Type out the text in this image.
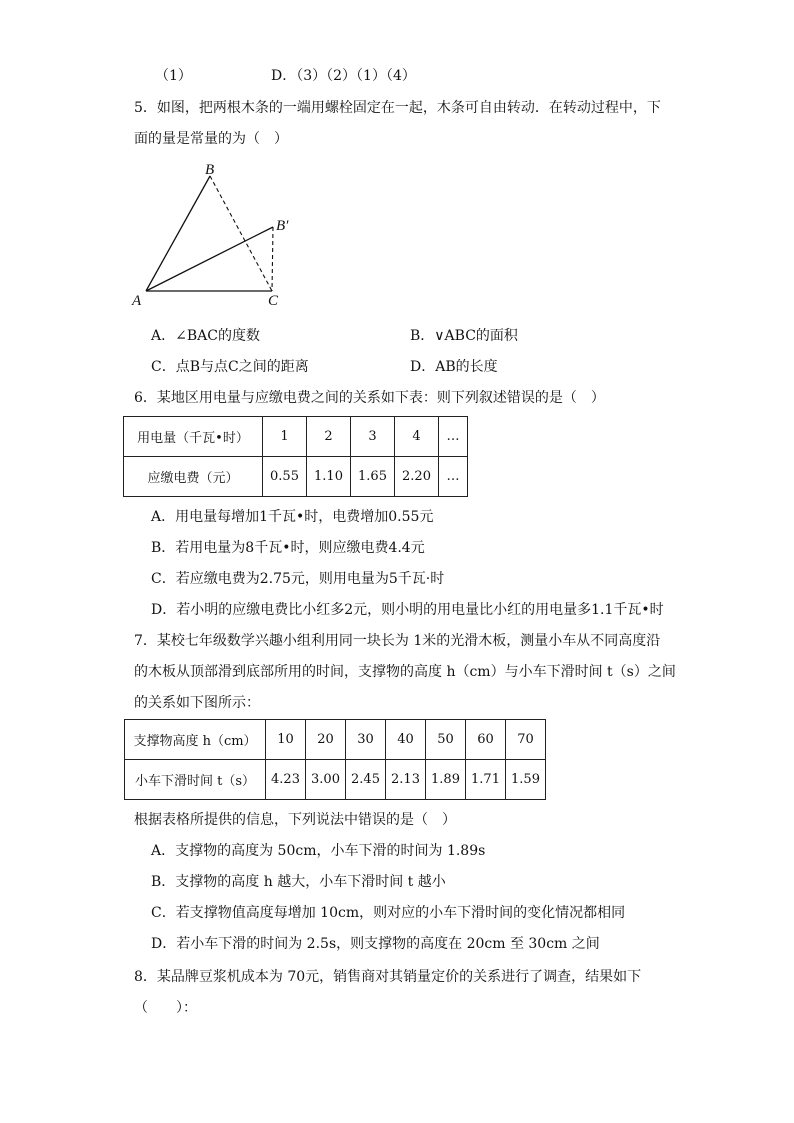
（1）	D．（3）（2）（1）（4）
5．如图，把两根木条的一端用螺栓固定在一起，木条可自由转动．在转动过程中，下
面的量是常量的为（　）
B
B′
A	C
A．∠BAC的度数	B．∨ABC的面积
C．点B与点C之间的距离	D．AB的长度
6．某地区用电量与应缴电费之间的关系如下表：则下列叙述错误的是（　）
用电量（千瓦•时）	1	2	3	4	…
应缴电费（元）	0.55	1.10	1.65	2.20	…
A．用电量每增加1千瓦•时，电费增加0.55元
B．若用电量为8千瓦•时，则应缴电费4.4元
C．若应缴电费为2.75元，则用电量为5千瓦·时
D．若小明的应缴电费比小红多2元，则小明的用电量比小红的用电量多1.1千瓦•时
7．某校七年级数学兴趣小组利用同一块长为 1米的光滑木板，测量小车从不同高度沿
的木板从顶部滑到底部所用的时间，支撑物的高度 h（cm）与小车下滑时间 t（s）之间
的关系如下图所示：
支撑物高度 h（cm）	10	20	30	40	50	60	70
小车下滑时间 t（s）	4.23	3.00	2.45	2.13	1.89	1.71	1.59
根据表格所提供的信息，下列说法中错误的是（　）
A．支撑物的高度为 50cm，小车下滑的时间为 1.89s
B．支撑物的高度 h 越大，小车下滑时间 t 越小
C．若支撑物值高度每增加 10cm，则对应的小车下滑时间的变化情况都相同
D．若小车下滑的时间为 2.5s，则支撑物的高度在 20cm 至 30cm 之间
8．某品牌豆浆机成本为 70元，销售商对其销量定价的关系进行了调查，结果如下
（　　）：
